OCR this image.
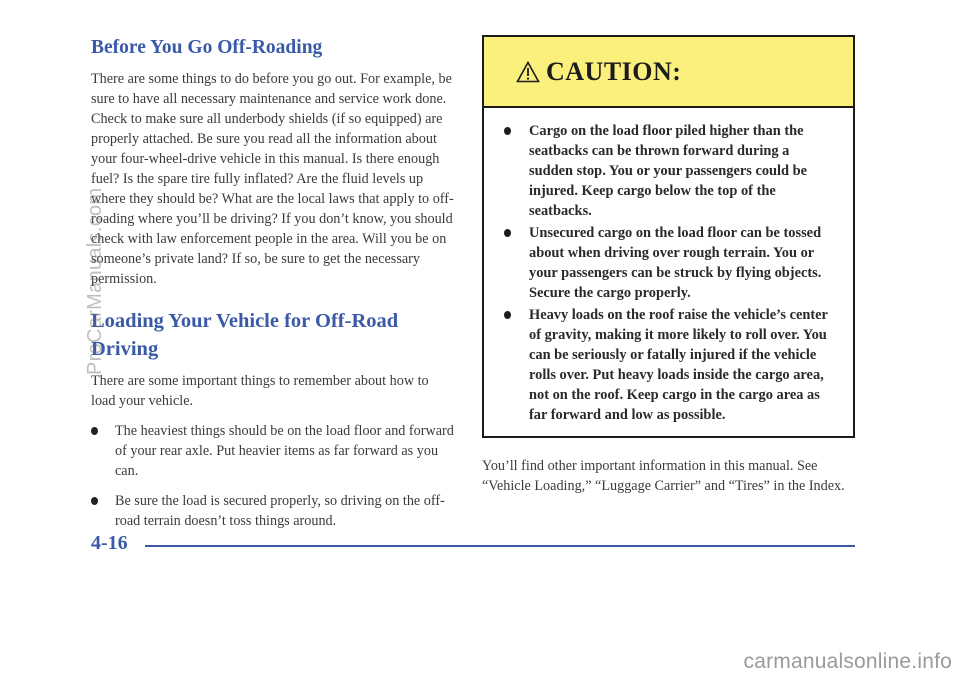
Before You Go Off-Roading

There are some things to do before you go out. For example, be sure to have all necessary maintenance and service work done. Check to make sure all underbody shields (if so equipped) are properly attached. Be sure you read all the information about your four-wheel-drive vehicle in this manual. Is there enough fuel? Is the spare tire fully inflated? Are the fluid levels up where they should be? What are the local laws that apply to off-roading where you’ll be driving? If you don’t know, you should check with law enforcement people in the area. Will you be on someone’s private land? If so, be sure to get the necessary permission.

Loading Your Vehicle for Off-Road Driving

There are some important things to remember about how to load your vehicle.

The heaviest things should be on the load floor and forward of your rear axle. Put heavier items as far forward as you can.
Be sure the load is secured properly, so driving on the off-road terrain doesn’t toss things around.
CAUTION:
Cargo on the load floor piled higher than the seatbacks can be thrown forward during a sudden stop. You or your passengers could be injured. Keep cargo below the top of the seatbacks.
Unsecured cargo on the load floor can be tossed about when driving over rough terrain. You or your passengers can be struck by flying objects. Secure the cargo properly.
Heavy loads on the roof raise the vehicle’s center of gravity, making it more likely to roll over. You can be seriously or fatally injured if the vehicle rolls over. Put heavy loads inside the cargo area, not on the roof. Keep cargo in the cargo area as far forward and low as possible.

You’ll find other important information in this manual. See “Vehicle Loading,” “Luggage Carrier” and “Tires” in the Index.

4-16
ProCarManuals.com
carmanualsonline.info
